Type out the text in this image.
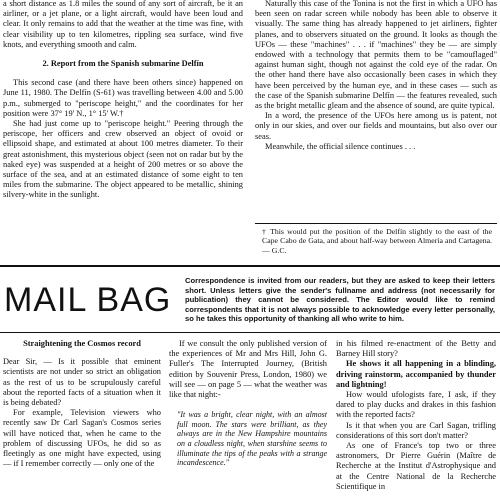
a short distance as 1.8 miles the sound of any sort of aircraft, be it an airliner, or a jet plane, or a light aircraft, would have been loud and clear. It only remains to add that the weather at the time was fine, with clear visibility up to ten kilometres, rippling sea surface, wind five knots, and everything smooth and calm.

2. Report from the Spanish submarine Delfín

This second case (and there have been others since) happened on June 11, 1980. The Delfín (S-61) was travelling between 4.00 and 5.00 p.m., submerged to "periscope height," and the coordinates for her position were 37° 19' N., 1° 15' W.†

She had just come up to "periscope height." Peering through the periscope, her officers and crew observed an object of ovoid or ellipsoid shape, and estimated at about 100 metres diameter. To their great astonishment, this mysterious object (seen not on radar but by the naked eye) was suspended at a height of 200 metres or so above the surface of the sea, and at an estimated distance of some eight to ten miles from the submarine. The object appeared to be metallic, shining silvery-white in the sunlight.

Naturally this case of the Tonina is not the first in which a UFO has been seen on radar screen while nobody has been able to observe it visually. The same thing has already happened to jet airliners, fighter planes, and to observers situated on the ground. It looks as though the UFOs — these "machines" . . . if "machines" they be — are simply endowed with a technology that permits them to be "camouflaged" against human sight, though not against the cold eye of the radar. On the other hand there have also occasionally been cases in which they have been perceived by the human eye, and in these cases — such as the case of the Spanish submarine Delfín — the features revealed, such as the bright metallic gleam and the absence of sound, are quite typical.

In a word, the presence of the UFOs here among us is patent, not only in our skies, and over our fields and mountains, but also over our seas.

Meanwhile, the official silence continues . . .

† This would put the position of the Delfín slightly to the east of the Cape Cabo de Gata, and about half-way between Almería and Cartagena. — G.C.

MAIL BAG
Correspondence is invited from our readers, but they are asked to keep their letters short. Unless letters give the sender's fullname and address (not necessarily for publication) they cannot be considered. The Editor would like to remind correspondents that it is not always possible to acknowledge every letter personally, so he takes this opportunity of thanking all who write to him.

Straightening the Cosmos record

Dear Sir, — Is it possible that eminent scientists are not under so strict an obligation as the rest of us to be scrupulously careful about the reported facts of a situation when it is being debated?

For example, Television viewers who recently saw Dr Carl Sagan's Cosmos series will have noticed that, when he came to the problem of discussing UFOs, he did so as fleetingly as one might have expected, using — if I remember correctly — only one of the

If we consult the only published version of the experiences of Mr and Mrs Hill, John G. Fuller's The Interrupted Journey, (British edition by Souvenir Press, London, 1980) we will see — on page 5 — what the weather was like that night:-

"It was a bright, clear night, with an almost full moon. The stars were brilliant, as they always are in the New Hampshire mountains on a cloudless night, when starshine seems to illuminate the tips of the peaks with a strange incandescence."

in his filmed re-enactment of the Betty and Barney Hill story?

He shows it all happening in a blinding, driving rainstorm, accompanied by thunder and lightning!

How would ufologists fare, I ask, if they dared to play ducks and drakes in this fashion with the reported facts?

Is it that when you are Carl Sagan, trifling considerations of this sort don't matter?

As one of France's top two or three astronomers, Dr Pierre Guérin (Maître de Recherche at the Institut d'Astrophysique and at the Centre National de la Recherche Scientifique in
